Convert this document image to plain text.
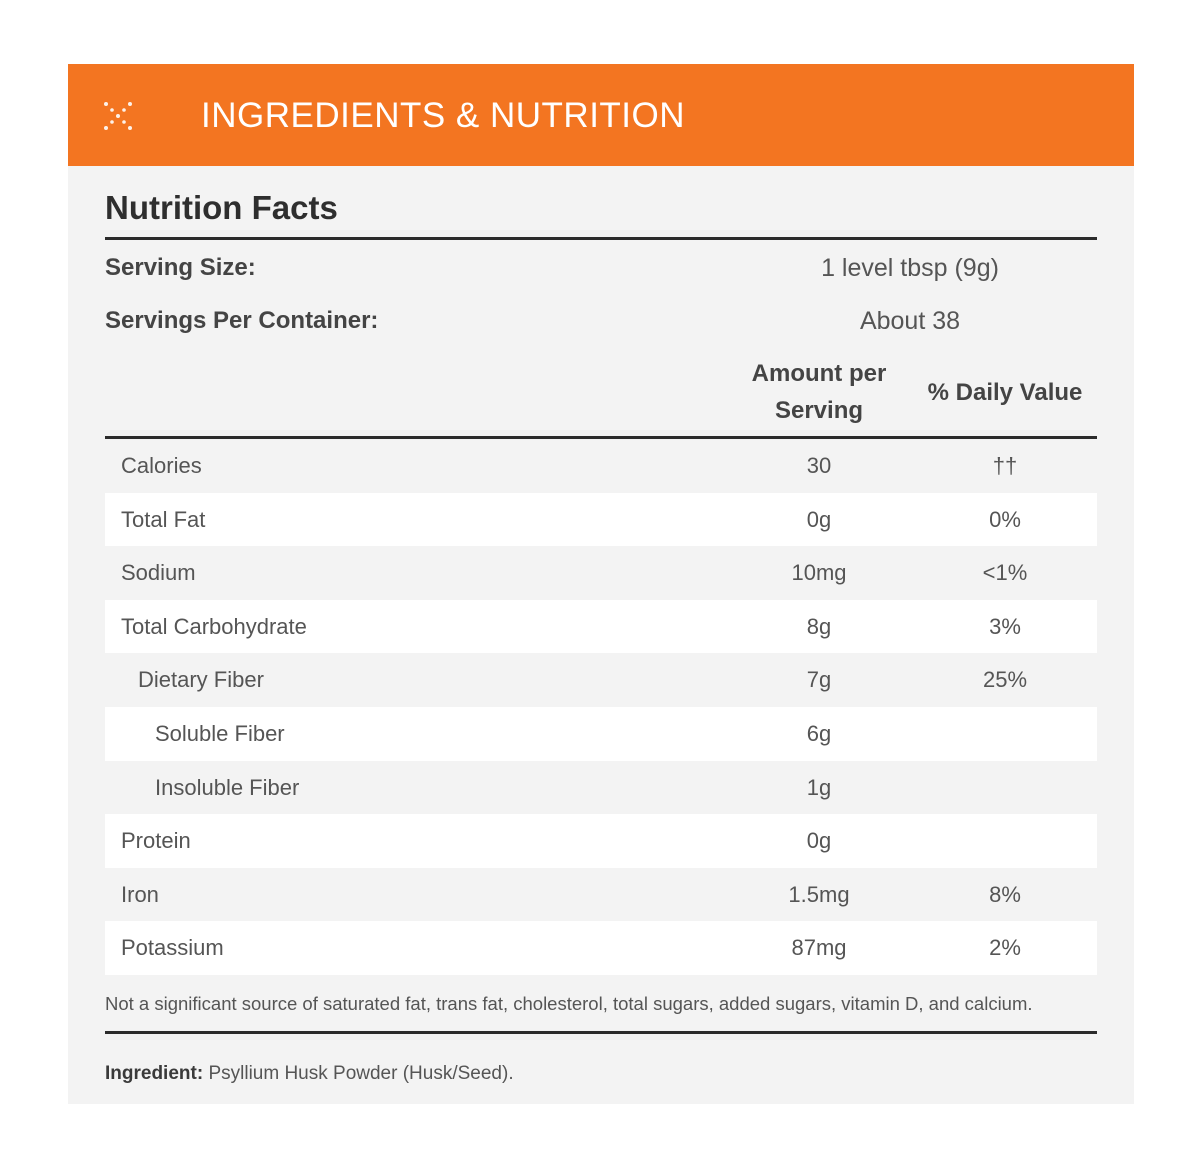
INGREDIENTS & NUTRITION
Nutrition Facts
Serving Size:	1 level tbsp (9g)
Servings Per Container:	About 38
Amount per
Serving
% Daily Value
Calories	30	††
Total Fat	0g	0%
Sodium	10mg	<1%
Total Carbohydrate	8g	3%
Dietary Fiber	7g	25%
Soluble Fiber	6g
Insoluble Fiber	1g
Protein	0g
Iron	1.5mg	8%
Potassium	87mg	2%
Not a significant source of saturated fat, trans fat, cholesterol, total sugars, added sugars, vitamin D, and calcium.
Ingredient: Psyllium Husk Powder (Husk/Seed).
